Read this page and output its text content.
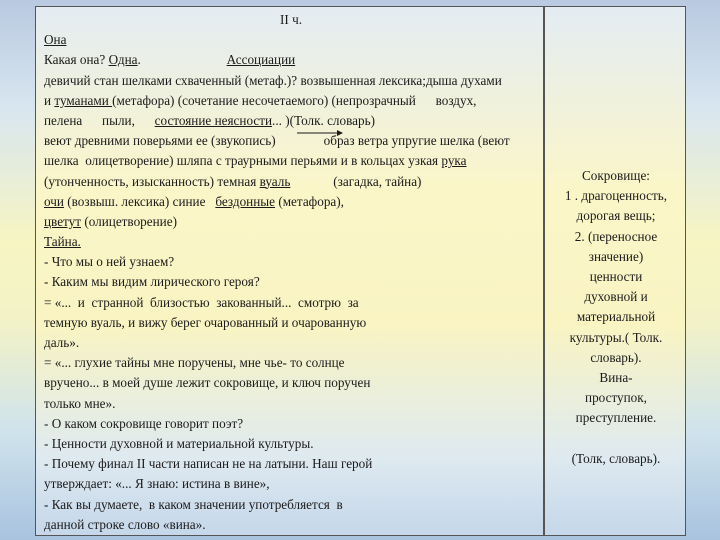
II ч.
Она
Какая она? Одна.                          Ассоциации
девичий стан шелками схваченный (метаф.)? возвышенная лексика;дыша духами
и туманами (метафора) (сочетание несочетаемого) (непрозрачный      воздух,
пелена      пыли,      состояние неясности... )(Толк. словарь)
веют древними поверьями ее (звукопись)	образ ветра упругие шелка (веют
шелка  олицетворение) шляпа с траурными перьями и в кольцах узкая рука
(утонченность, изысканность) темная вуаль             (загадка, тайна)
очи (возвыш. лексика) синие   бездонные (метафора),
цветут (олицетворение)
Тайна.
- Что мы о ней узнаем?
- Каким мы видим лирического героя?
= «...  и  странной  близостью  закованный...  смотрю  за
темную вуаль, и вижу берег очарованный и очарованную
даль».
= «... глухие тайны мне поручены, мне чье- то солнце
вручено... в моей душе лежит сокровище, и ключ поручен
только мне».
- О каком сокровище говорит поэт?
- Ценности духовной и материальной культуры.
- Почему финал II части написан не на латыни. Наш герой
утверждает: «... Я знаю: истина в вине»,
- Как вы думаете,  в каком значении употребляется  в
данной строке слово «вина».
Сокровище:
1 . драгоценность,
дорогая вещь;
2. (переносное
значение)
ценности
духовной и
материальной
культуры.( Толк.
словарь).
Вина-
проступок,
преступление.
(Толк, словарь).
